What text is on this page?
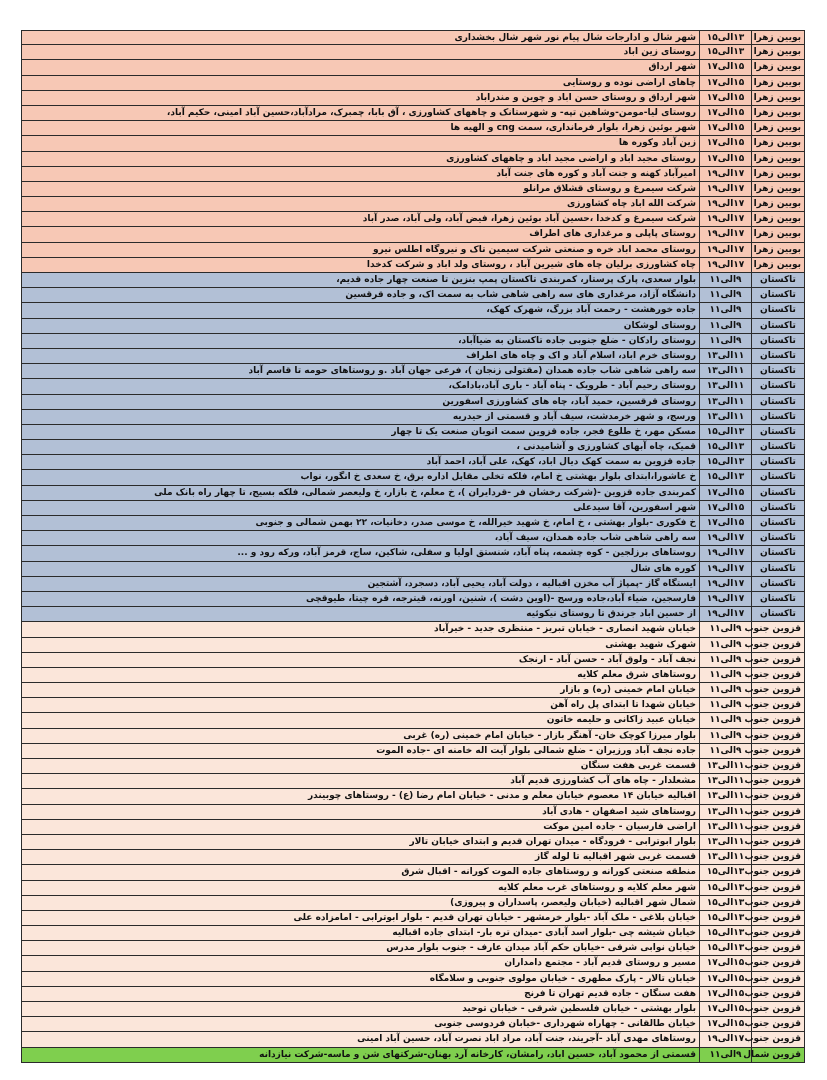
بویین زهرا
۱۳الی۱۵
شهر شال و ادارجات شال پیام نور شهر شال بخشداری
بویین زهرا
۱۳الی۱۵
روستای زین اباد
بویین زهرا
۱۵الی۱۷
شهر ارداق
بویین زهرا
۱۵الی۱۷
چاهای اراضی نوده و روستایی
بویین زهرا
۱۵الی۱۷
شهر ارداق و روستای حسن اباد و چوین و مندراباد
بویین زهرا
۱۵الی۱۷
روستای لیا-مومن-وشاهین تپه- و شهرستانک و چاههای کشاورزی ، آق بابا، چمبرک، مرادآباد،حسین آباد امینی، حکیم آباد،
بویین زهرا
۱۵الی۱۷
شهر بوئین زهرا، بلوار فرمانداری، سمت cng و الهیه ها
بویین زهرا
۱۵الی۱۷
زین آباد وکوره ها
بویین زهرا
۱۵الی۱۷
روستای مجید اباد و اراضی مجید اباد و چاههای کشاورزی
بویین زهرا
۱۷الی۱۹
امیرآباد کهنه و جنت آباد و کوره های جنت آباد
بویین زهرا
۱۷الی۱۹
شرکت سیمرغ و روستای قشلاق مرانلو
بویین زهرا
۱۷الی۱۹
شرکت الله اباد چاه کشاورزی
بویین زهرا
۱۷الی۱۹
شرکت سیمرغ و کدخدا ،حسین آباد بوئین زهرا، فیض آباد، ولی آباد، صدر آباد
بویین زهرا
۱۷الی۱۹
روستای پاپلی و مرغداری های اطراف
بویین زهرا
۱۷الی۱۹
روستای محمد اباد خره و صنعتی شرکت سیمین تاک و نیروگاه اطلس نیرو
بویین زهرا
۱۷الی۱۹
چاه کشاورزی برلیان چاه های شیرین آباد ، روستای ولد اباد و شرکت کدخدا
تاکستان
۹الی۱۱
بلوار سعدی، پارک پرستار، کمربندی تاکستان پمپ بنزین تا صنعت چهار جاده قدیم،
تاکستان
۹الی۱۱
دانشگاه آزاد، مرغداری های سه راهی شاهی شاب به سمت اک، و جاده قرقسین
تاکستان
۹الی۱۱
جاده خورهشت - رحمت آباد بزرگ، شهرک کهک،
تاکستان
۹الی۱۱
روستای لوشکان
تاکستان
۹الی۱۱
روستای رادکان - ضلع جنوبی جاده تاکستان به ضیاآباد،
تاکستان
۱۱الی۱۳
روستای خرم اباد، اسلام آباد و اک و چاه های اطراف
تاکستان
۱۱الی۱۳
سه راهی شاهی شاب جاده همدان (مقتولی زنجان )، فرعی جهان آباد .و روستاهای حومه تا قاسم آباد
تاکستان
۱۱الی۱۳
روستای رحیم آباد - طرویک - پناه آباد - باری آباد،بادامک،
تاکستان
۱۱الی۱۳
روستای قرقسین، حمید آباد، چاه های کشاورزی اسفورین
تاکستان
۱۱الی۱۳
ورسج، و شهر خرمدشت، سیف آباد و قسمتی از حیدریه
تاکستان
۱۳الی۱۵
مسکن مهر، خ طلوع فجر، جاده قزوین سمت اتوبان صنعت یک تا چهار
تاکستان
۱۳الی۱۵
قمیک، چاه آبهای کشاورزی و آشامیدنی ،
تاکستان
۱۳الی۱۵
جاده قزوین به سمت کهک دیال اباد، کهک، علی آباد، احمد آباد
تاکستان
۱۳الی۱۵
خ عاشورا،ابتدای بلوار بهشتی خ امام، فلکه تخلی مقابل اداره برق، خ سعدی خ انگور، نواب
تاکستان
۱۵الی۱۷
کمربندی جاده قزوین -(شرکت رخشان فر -قردایران )، خ معلم، خ بازار، خ ولیعصر شمالی، فلکه بسیج، تا چهار راه بانک ملی
تاکستان
۱۵الی۱۷
شهر اسفورین، آقا سیدعلی
تاکستان
۱۵الی۱۷
خ فکوری -بلوار بهشتی ، خ امام، خ شهید خیرالله، خ موسی صدر، دخانیات، ۲۲ بهمن شمالی و جنوبی
تاکستان
۱۷الی۱۹
سه راهی شاهی شاب جاده همدان، سیف آباد،
تاکستان
۱۷الی۱۹
روستاهای برزلجین - کوه چشمه، پناه آباد، شنستق اولیا و سفلی، شاکین، ساج، قرمز آباد، ورکه رود و ...
تاکستان
۱۷الی۱۹
کوره های شال
تاکستان
۱۷الی۱۹
ایستگاه گاز -پمپاژ آب مخزن اقبالیه ، دولت آباد، یحیی آباد، دسجرد، آشتجین
تاکستان
۱۷الی۱۹
فارسجین، ضیاء آباد،جاده ورسج -(اوین دشت )، شنین، اورنه، قیترجه، قره چیتا، طیوقچی
تاکستان
۱۷الی۱۹
از حسین اباد جرندق تا روستای نیکوئیه
قزوین جنوب
۹الی۱۱
خیابان شهید انصاری - خیابان تبریز - منتظری جدید - خیرآباد
قزوین جنوب
۹الی۱۱
شهرک شهید بهشتی
قزوین جنوب
۹الی۱۱
نجف آباد - ولوق آباد - حسن آباد - ارنجک
قزوین جنوب
۹الی۱۱
روستاهای شرق معلم کلایه
قزوین جنوب
۹الی۱۱
خیابان امام خمینی (ره) و بازار
قزوین جنوب
۹الی۱۱
خیابان شهدا تا ابتدای پل راه آهن
قزوین جنوب
۹الی۱۱
خیابان عبید زاکانی و حلیمه خاتون
قزوین جنوب
۹الی۱۱
بلوار میرزا کوچک خان- آهنگر بازار - خیابان امام خمینی (ره) غربی
قزوین جنوب
۹الی۱۱
جاده نجف آباد ورزیران - ضلع شمالی بلوار آیت اله خامنه ای -جاده الموت
قزوین جنوب
۱۱الی۱۳
قسمت غربی هفت سنگان
قزوین جنوب
۱۱الی۱۳
مشعلدار - چاه های آب کشاورزی قدیم آباد
قزوین جنوب
۱۱الی۱۳
اقبالیه خیابان ۱۴ معصوم خیابان معلم و مدنی - خیابان امام رضا (ع) - روستاهای چوبیندر
قزوین جنوب
۱۱الی۱۳
روستاهای شید اصفهان - هادی آباد
قزوین جنوب
۱۱الی۱۳
اراضی فارسیان - جاده امین موکت
قزوین جنوب
۱۱الی۱۳
بلوار ابوترابی - فرودگاه - میدان تهران قدیم و ابتدای خیابان تالار
قزوین جنوب
۱۱الی۱۳
قسمت غربی شهر اقبالیه تا لوله گاز
قزوین جنوب
۱۳الی۱۵
منطقه صنعتی کورانه و روستاهای جاده الموت کورانه - اقبال شرق
قزوین جنوب
۱۳الی۱۵
شهر معلم کلایه و روستاهای غرب معلم کلایه
قزوین جنوب
۱۳الی۱۵
شمال شهر اقبالیه (خیابان ولیعصر، پاسداران و پیروزی)
قزوین جنوب
۱۳الی۱۵
خیابان بلاغی - ملک آباد -بلوار خرمشهر - خیابان تهران قدیم - بلوار ابوترابی - امامزاده علی
قزوین جنوب
۱۳الی۱۵
خیابان شیشه چی -بلوار اسد آبادی -میدان تره بار- ابتدای جاده اقبالیه
قزوین جنوب
۱۳الی۱۵
خیابان نوابی شرقی -خیابان حکم آباد میدان عارف - جنوب بلوار مدرس
قزوین جنوب
۱۵الی۱۷
مسیر و روستای قدیم آباد - مجتمع دامداران
قزوین جنوب
۱۵الی۱۷
خیابان تالار - پارک مطهری - خیابان مولوی جنوبی و سلامگاه
قزوین جنوب
۱۵الی۱۷
هفت سنگان - جاده قدیم تهران تا فرنج
قزوین جنوب
۱۵الی۱۷
بلوار بهشتی - خیابان فلسطین شرقی - خیابان توحید
قزوین جنوب
۱۵الی۱۷
خیابان طالقانی - چهاراه شهرداری -خیابان فردوسی جنوبی
قزوین جنوب
۱۷الی۱۹
روستاهای مهدی آباد -آجریند، جنت آباد، مراد اباد نصرت آباد، حسین آباد امینی
قزوین شمال
۹الی۱۱
قسمتی از محمود آباد، حسین اباد، رامشان، کارخانه آرد بهنان-شرکتهای شن و ماسه-شرکت نیازدانه
